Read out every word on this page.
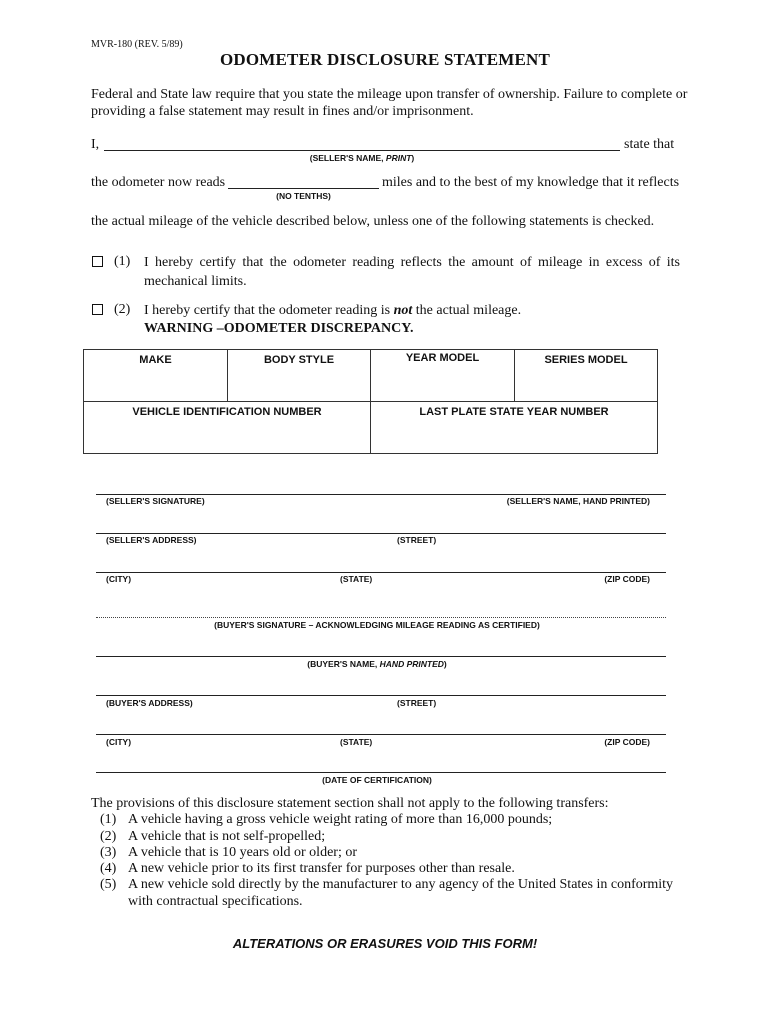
MVR-180 (REV. 5/89)
ODOMETER DISCLOSURE STATEMENT
Federal and State law require that you state the mileage upon transfer of ownership. Failure to complete or providing a false statement may result in fines and/or imprisonment.
I,	state that
(SELLER'S NAME, PRINT)
the odometer now reads	miles and to the best of my knowledge that it reflects
(NO TENTHS)
the actual mileage of the vehicle described below, unless one of the following statements is checked.
(1) I hereby certify that the odometer reading reflects the amount of mileage in excess of its mechanical limits.
(2) I hereby certify that the odometer reading is not the actual mileage.
WARNING –ODOMETER DISCREPANCY.
MAKE	BODY STYLE	YEAR MODEL	SERIES MODEL
VEHICLE IDENTIFICATION NUMBER	LAST PLATE STATE YEAR NUMBER
(SELLER'S SIGNATURE)	(SELLER'S NAME, HAND PRINTED)
(SELLER'S ADDRESS)	(STREET)
(CITY)	(STATE)	(ZIP CODE)
(BUYER'S SIGNATURE – ACKNOWLEDGING MILEAGE READING AS CERTIFIED)
(BUYER'S NAME, HAND PRINTED)
(BUYER'S ADDRESS)	(STREET)
(CITY)	(STATE)	(ZIP CODE)
(DATE OF CERTIFICATION)
The provisions of this disclosure statement section shall not apply to the following transfers:
(1) A vehicle having a gross vehicle weight rating of more than 16,000 pounds;
(2) A vehicle that is not self-propelled;
(3) A vehicle that is 10 years old or older; or
(4) A new vehicle prior to its first transfer for purposes other than resale.
(5) A new vehicle sold directly by the manufacturer to any agency of the United States in conformity with contractual specifications.
ALTERATIONS OR ERASURES VOID THIS FORM!
